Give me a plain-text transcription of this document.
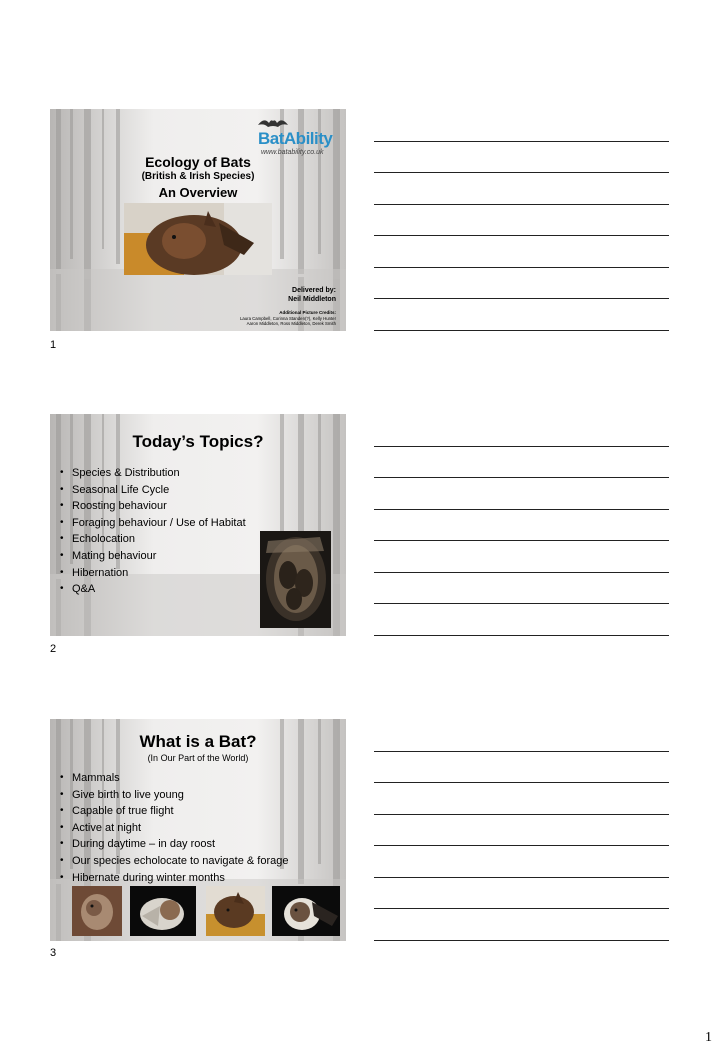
BatAbility
www.batability.co.uk
Ecology of Bats
(British & Irish Species)
An Overview
Delivered by:
Neil Middleton
Additional Picture Credits:
Laura Campbell, Corinna Standen(?), Kelly Hunter
Aaron Middleton, Ross Middleton, Derek Smith
1
Today’s Topics?
• Species & Distribution
• Seasonal Life Cycle
• Roosting behaviour
• Foraging behaviour / Use of Habitat
• Echolocation
• Mating behaviour
• Hibernation
• Q&A
2
What is a Bat?
(In Our Part of the World)
• Mammals
• Give birth to live young
• Capable of true flight
• Active at night
• During daytime – in day roost
• Our species echolocate to navigate & forage
• Hibernate during winter months
3
1
